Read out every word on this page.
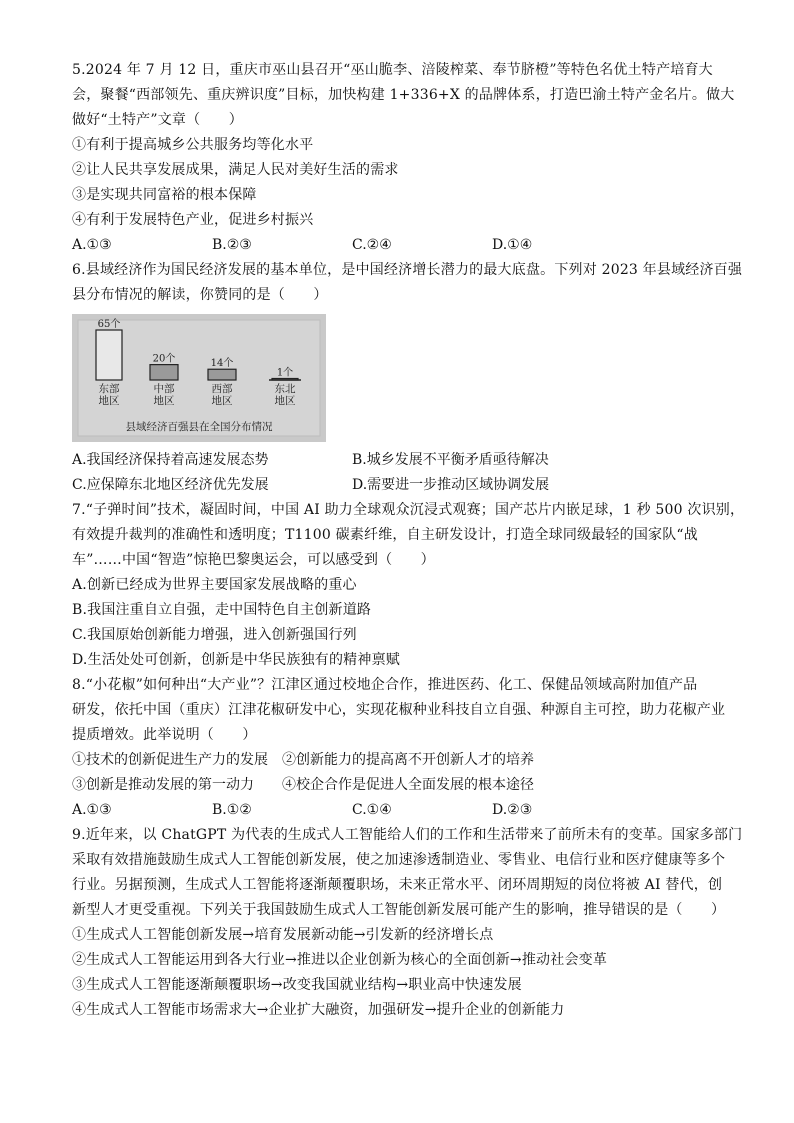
5.2024 年 7 月 12 日，重庆市巫山县召开“巫山脆李、涪陵榨菜、奉节脐橙”等特色名优土特产培育大
会，聚餐“西部领先、重庆辨识度”目标，加快构建 1+336+X 的品牌体系，打造巴渝土特产金名片。做大
做好“土特产”文章（　　）
①有利于提高城乡公共服务均等化水平
②让人民共享发展成果，满足人民对美好生活的需求
③是实现共同富裕的根本保障
④有利于发展特色产业，促进乡村振兴
A.①③	B.②③	C.②④	D.①④
6.县域经济作为国民经济发展的基本单位，是中国经济增长潜力的最大底盘。下列对 2023 年县域经济百强
县分布情况的解读，你赞同的是（　　）
65个
东部
地区
20个
中部
地区
14个
西部
地区
1个
东北
地区
县域经济百强县在全国分布情况
A.我国经济保持着高速发展态势	B.城乡发展不平衡矛盾亟待解决
C.应保障东北地区经济优先发展	D.需要进一步推动区域协调发展
7.“子弹时间”技术，凝固时间，中国 AI 助力全球观众沉浸式观赛；国产芯片内嵌足球，1 秒 500 次识别，
有效提升裁判的准确性和透明度；T1100 碳素纤维，自主研发设计，打造全球同级最轻的国家队“战
车”……中国“智造”惊艳巴黎奥运会，可以感受到（　　）
A.创新已经成为世界主要国家发展战略的重心
B.我国注重自立自强，走中国特色自主创新道路
C.我国原始创新能力增强，进入创新强国行列
D.生活处处可创新，创新是中华民族独有的精神禀赋
8.“小花椒”如何种出“大产业”？江津区通过校地企合作，推进医药、化工、保健品领域高附加值产品
研发，依托中国（重庆）江津花椒研发中心，实现花椒种业科技自立自强、种源自主可控，助力花椒产业
提质增效。此举说明（　　）
①技术的创新促进生产力的发展	②创新能力的提高离不开创新人才的培养
③创新是推动发展的第一动力	④校企合作是促进人全面发展的根本途径
A.①③	B.①②	C.①④	D.②③
9.近年来，以 ChatGPT 为代表的生成式人工智能给人们的工作和生活带来了前所未有的变革。国家多部门
采取有效措施鼓励生成式人工智能创新发展，使之加速渗透制造业、零售业、电信行业和医疗健康等多个
行业。另据预测，生成式人工智能将逐渐颠覆职场，未来正常水平、闭环周期短的岗位将被 AI 替代，创
新型人才更受重视。下列关于我国鼓励生成式人工智能创新发展可能产生的影响，推导错误的是（　　）
①生成式人工智能创新发展→培育发展新动能→引发新的经济增长点
②生成式人工智能运用到各大行业→推进以企业创新为核心的全面创新→推动社会变革
③生成式人工智能逐渐颠覆职场→改变我国就业结构→职业高中快速发展
④生成式人工智能市场需求大→企业扩大融资，加强研发→提升企业的创新能力
